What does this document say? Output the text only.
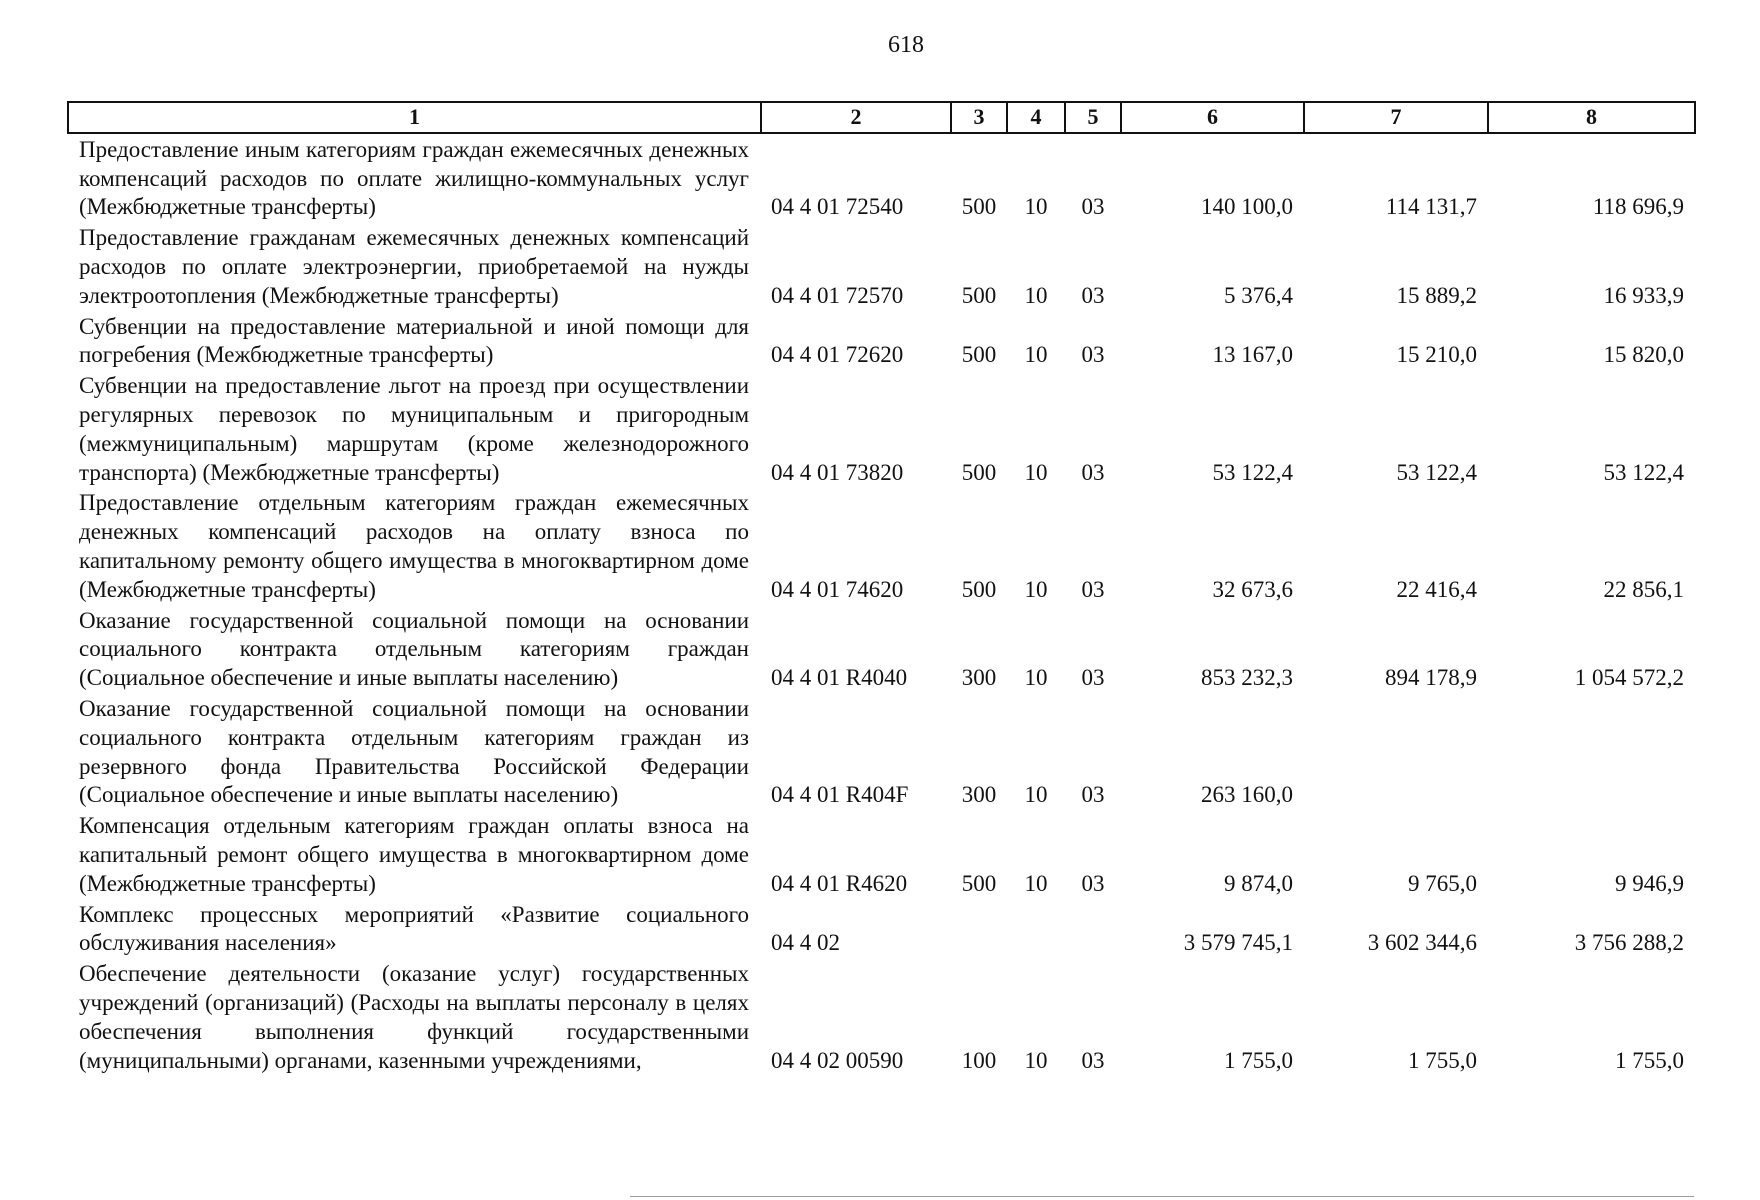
618
1	2	3	4	5	6	7	8
Предоставление иным категориям граждан ежемесячных денежных компенсаций расходов по оплате жилищно-коммунальных услуг (Межбюджетные трансферты)	04 4 01 72540	500	10	03	140 100,0	114 131,7	118 696,9
Предоставление гражданам ежемесячных денежных компенсаций расходов по оплате электроэнергии, приобретаемой на нужды электроотопления (Межбюджетные трансферты)	04 4 01 72570	500	10	03	5 376,4	15 889,2	16 933,9
Субвенции на предоставление материальной и иной помощи для погребения (Межбюджетные трансферты)	04 4 01 72620	500	10	03	13 167,0	15 210,0	15 820,0
Субвенции на предоставление льгот на проезд при осуществлении регулярных перевозок по муниципальным и пригородным (межмуниципальным) маршрутам (кроме железнодорожного транспорта) (Межбюджетные трансферты)	04 4 01 73820	500	10	03	53 122,4	53 122,4	53 122,4
Предоставление отдельным категориям граждан ежемесячных денежных компенсаций расходов на оплату взноса по капитальному ремонту общего имущества в многоквартирном доме (Межбюджетные трансферты)	04 4 01 74620	500	10	03	32 673,6	22 416,4	22 856,1
Оказание государственной социальной помощи на основании социального контракта отдельным категориям граждан (Социальное обеспечение и иные выплаты населению)	04 4 01 R4040	300	10	03	853 232,3	894 178,9	1 054 572,2
Оказание государственной социальной помощи на основании социального контракта отдельным категориям граждан из резервного фонда Правительства Российской Федерации (Социальное обеспечение и иные выплаты населению)	04 4 01 R404F	300	10	03	263 160,0		
Компенсация отдельным категориям граждан оплаты взноса на капитальный ремонт общего имущества в многоквартирном доме (Межбюджетные трансферты)	04 4 01 R4620	500	10	03	9 874,0	9 765,0	9 946,9
Комплекс процессных мероприятий «Развитие социального обслуживания населения»	04 4 02				3 579 745,1	3 602 344,6	3 756 288,2
Обеспечение деятельности (оказание услуг) государственных учреждений (организаций) (Расходы на выплаты персоналу в целях обеспечения выполнения функций государственными (муниципальными) органами, казенными учреждениями,	04 4 02 00590	100	10	03	1 755,0	1 755,0	1 755,0
